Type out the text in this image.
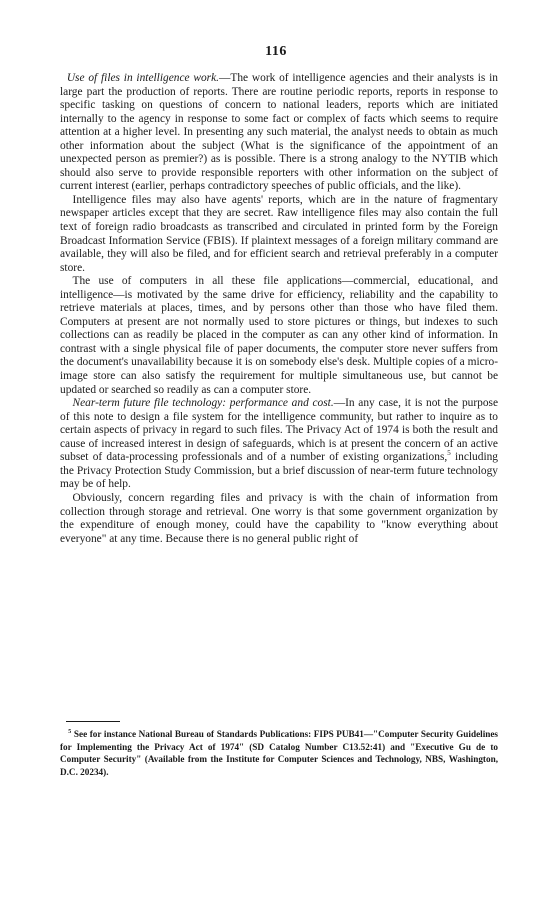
116

Use of files in intelligence work.—The work of intelligence agencies and their analysts is in large part the production of reports. There are routine periodic reports, reports in response to specific tasking on questions of concern to national leaders, reports which are initiated internally to the agency in response to some fact or complex of facts which seems to require attention at a higher level. In presenting any such material, the analyst needs to obtain as much other information about the subject (What is the significance of the appointment of an unexpected person as premier?) as is possible. There is a strong analogy to the NYTIB which should also serve to provide responsible reporters with other information on the subject of current interest (earlier, perhaps contradictory speeches of public officials, and the like).

Intelligence files may also have agents' reports, which are in the nature of fragmentary newspaper articles except that they are secret. Raw intelligence files may also contain the full text of foreign radio broadcasts as transcribed and circulated in printed form by the Foreign Broadcast Information Service (FBIS). If plaintext messages of a foreign military command are available, they will also be filed, and for efficient search and retrieval preferably in a computer store.

The use of computers in all these file applications—commercial, educational, and intelligence—is motivated by the same drive for efficiency, reliability and the capability to retrieve materials at places, times, and by persons other than those who have filed them. Computers at present are not normally used to store pictures or things, but indexes to such collections can as readily be placed in the computer as can any other kind of information. In contrast with a single physical file of paper documents, the computer store never suffers from the document's unavailability because it is on somebody else's desk. Multiple copies of a micro-image store can also satisfy the requirement for multiple simultaneous use, but cannot be updated or searched so readily as can a computer store.

Near-term future file technology: performance and cost.—In any case, it is not the purpose of this note to design a file system for the intelligence community, but rather to inquire as to certain aspects of privacy in regard to such files. The Privacy Act of 1974 is both the result and cause of increased interest in design of safeguards, which is at present the concern of an active subset of data-processing professionals and of a number of existing organizations,$^5$ including the Privacy Protection Study Commission, but a brief discussion of near-term future technology may be of help.

Obviously, concern regarding files and privacy is with the chain of information from collection through storage and retrieval. One worry is that some government organization by the expenditure of enough money, could have the capability to "know everything about everyone" at any time. Because there is no general public right of

$^5$ See for instance National Bureau of Standards Publications: FIPS PUB41—"Computer Security Guidelines for Implementing the Privacy Act of 1974" (SD Catalog Number C13.52:41) and "Executive Gu de to Computer Security" (Available from the Institute for Computer Sciences and Technology, NBS, Washington, D.C. 20234).
